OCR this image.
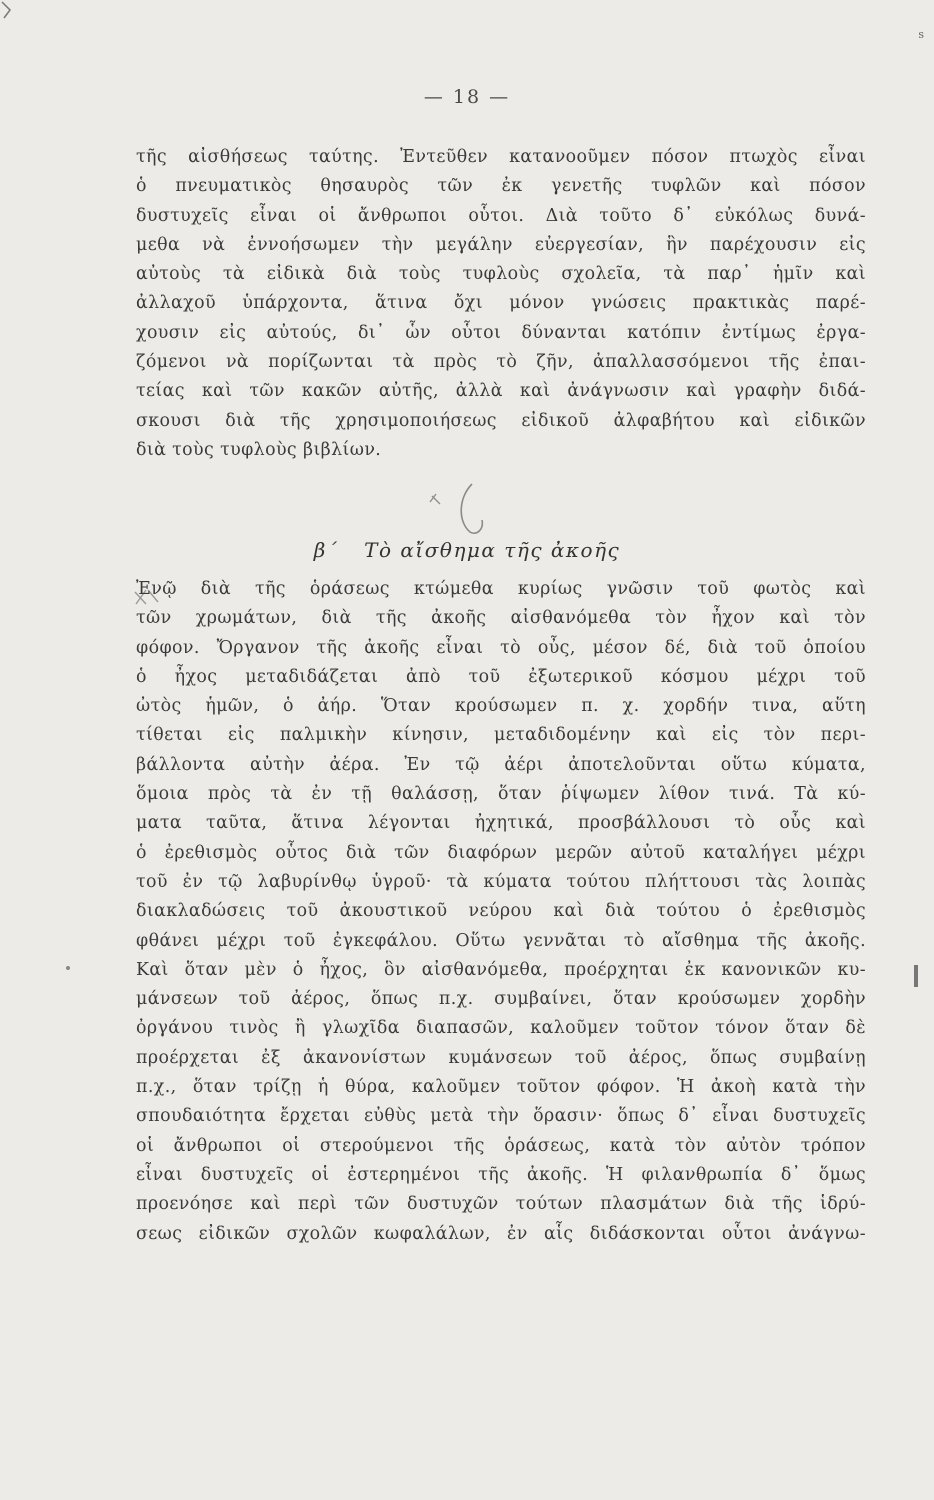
s
— 18 —
τῆς αἰσθήσεως ταύτης. Ἐντεῦθεν κατανοοῦμεν πόσον πτωχὸς εἶναι
ὁ πνευματικὸς θησαυρὸς τῶν ἐκ γενετῆς τυφλῶν καὶ πόσον
δυστυχεῖς εἶναι οἱ ἄνθρωποι οὗτοι. Διὰ τοῦτο δ᾽ εὐκόλως δυνά-
μεθα νὰ ἐννοήσωμεν τὴν μεγάλην εὐεργεσίαν, ἣν παρέχουσιν εἰς
αὐτοὺς τὰ εἰδικὰ διὰ τοὺς τυφλοὺς σχολεῖα, τὰ παρ᾽ ἡμῖν καὶ
ἀλλαχοῦ ὑπάρχοντα, ἅτινα ὄχι μόνον γνώσεις πρακτικὰς παρέ-
χουσιν εἰς αὐτούς, δι᾽ ὧν οὗτοι δύνανται κατόπιν ἐντίμως ἐργα-
ζόμενοι νὰ πορίζωνται τὰ πρὸς τὸ ζῆν, ἀπαλλασσόμενοι τῆς ἐπαι-
τείας καὶ τῶν κακῶν αὐτῆς, ἀλλὰ καὶ ἀνάγνωσιν καὶ γραφὴν διδά-
σκουσι διὰ τῆς χρησιμοποιήσεως εἰδικοῦ ἀλφαβήτου καὶ εἰδικῶν
διὰ τοὺς τυφλοὺς βιβλίων.
β΄ Τὸ αἴσθημα τῆς ἀκοῆς
Ἐνῷ διὰ τῆς ὁράσεως κτώμεθα κυρίως γνῶσιν τοῦ φωτὸς καὶ
τῶν χρωμάτων, διὰ τῆς ἀκοῆς αἰσθανόμεθα τὸν ἦχον καὶ τὸν
φόφον. Ὄργανον τῆς ἀκοῆς εἶναι τὸ οὖς, μέσον δέ, διὰ τοῦ ὁποίου
ὁ ἦχος μεταδιδάζεται ἀπὸ τοῦ ἐξωτερικοῦ κόσμου μέχρι τοῦ
ὠτὸς ἡμῶν, ὁ ἀήρ. Ὅταν κρούσωμεν π. χ. χορδήν τινα, αὕτη
τίθεται εἰς παλμικὴν κίνησιν, μεταδιδομένην καὶ εἰς τὸν περι-
βάλλοντα αὐτὴν ἀέρα. Ἐν τῷ ἀέρι ἀποτελοῦνται οὕτω κύματα,
ὅμοια πρὸς τὰ ἐν τῇ θαλάσσῃ, ὅταν ῥίψωμεν λίθον τινά. Τὰ κύ-
ματα ταῦτα, ἅτινα λέγονται ἠχητικά, προσβάλλουσι τὸ οὖς καὶ
ὁ ἐρεθισμὸς οὗτος διὰ τῶν διαφόρων μερῶν αὐτοῦ καταλήγει μέχρι
τοῦ ἐν τῷ λαβυρίνθῳ ὑγροῦ· τὰ κύματα τούτου πλήττουσι τὰς λοιπὰς
διακλαδώσεις τοῦ ἀκουστικοῦ νεύρου καὶ διὰ τούτου ὁ ἐρεθισμὸς
φθάνει μέχρι τοῦ ἐγκεφάλου. Οὕτω γεννᾶται τὸ αἴσθημα τῆς ἀκοῆς.
Καὶ ὅταν μὲν ὁ ἦχος, ὃν αἰσθανόμεθα, προέρχηται ἐκ κανονικῶν κυ-
μάνσεων τοῦ ἀέρος, ὅπως π.χ. συμβαίνει, ὅταν κρούσωμεν χορδὴν
ὀργάνου τινὸς ἢ γλωχῖδα διαπασῶν, καλοῦμεν τοῦτον τόνον ὅταν δὲ
προέρχεται ἐξ ἀκανονίστων κυμάνσεων τοῦ ἀέρος, ὅπως συμβαίνῃ
π.χ., ὅταν τρίζῃ ἡ θύρα, καλοῦμεν τοῦτον φόφον. Ἡ ἀκοὴ κατὰ τὴν
σπουδαιότητα ἔρχεται εὐθὺς μετὰ τὴν ὅρασιν· ὅπως δ᾽ εἶναι δυστυχεῖς
οἱ ἄνθρωποι οἱ στερούμενοι τῆς ὁράσεως, κατὰ τὸν αὐτὸν τρόπον
εἶναι δυστυχεῖς οἱ ἐστερημένοι τῆς ἀκοῆς. Ἡ φιλανθρωπία δ᾽ ὅμως
προενόησε καὶ περὶ τῶν δυστυχῶν τούτων πλασμάτων διὰ τῆς ἱδρύ-
σεως εἰδικῶν σχολῶν κωφαλάλων, ἐν αἷς διδάσκονται οὗτοι ἀνάγνω-
